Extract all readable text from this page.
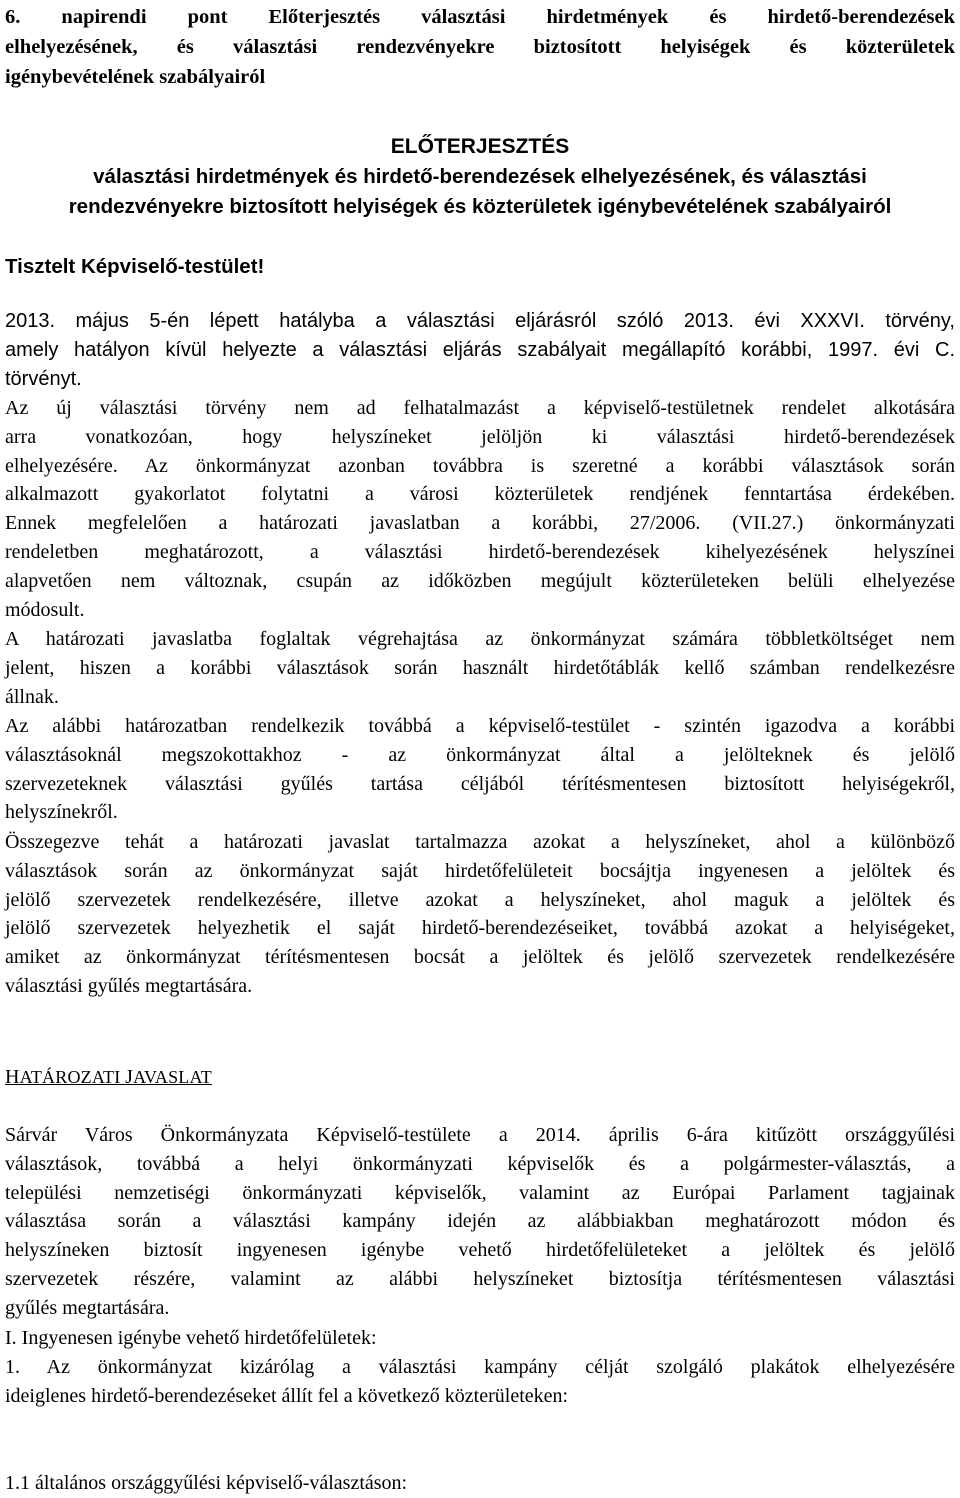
6. napirendi pont Előterjesztés választási hirdetmények és hirdető-berendezések
elhelyezésének, és választási rendezvényekre biztosított helyiségek és közterületek
igénybevételének szabályairól
ELŐTERJESZTÉS
választási hirdetmények és hirdető-berendezések elhelyezésének, és választási
rendezvényekre biztosított helyiségek és közterületek igénybevételének szabályairól
Tisztelt Képviselő-testület!
2013. május 5-én lépett hatályba a választási eljárásról szóló 2013. évi XXXVI. törvény,
amely hatályon kívül helyezte a választási eljárás szabályait megállapító korábbi, 1997. évi C.
törvényt.
Az új választási törvény nem ad felhatalmazást a képviselő-testületnek rendelet alkotására
arra vonatkozóan, hogy helyszíneket jelöljön ki választási hirdető-berendezések
elhelyezésére. Az önkormányzat azonban továbbra is szeretné a korábbi választások során
alkalmazott gyakorlatot folytatni a városi közterületek rendjének fenntartása érdekében.
Ennek megfelelően a határozati javaslatban a korábbi, 27/2006. (VII.27.) önkormányzati
rendeletben meghatározott, a választási hirdető-berendezések kihelyezésének helyszínei
alapvetően nem változnak, csupán az időközben megújult közterületeken belüli elhelyezése
módosult.
A határozati javaslatba foglaltak végrehajtása az önkormányzat számára többletköltséget nem
jelent, hiszen a korábbi választások során használt hirdetőtáblák kellő számban rendelkezésre
állnak.
Az alábbi határozatban rendelkezik továbbá a képviselő-testület - szintén igazodva a korábbi
választásoknál megszokottakhoz - az önkormányzat által a jelölteknek és jelölő
szervezeteknek választási gyűlés tartása céljából térítésmentesen biztosított helyiségekről,
helyszínekről.
Összegezve tehát a határozati javaslat tartalmazza azokat a helyszíneket, ahol a különböző
választások során az önkormányzat saját hirdetőfelületeit bocsájtja ingyenesen a jelöltek és
jelölő szervezetek rendelkezésére, illetve azokat a helyszíneket, ahol maguk a jelöltek és
jelölő szervezetek helyezhetik el saját hirdető-berendezéseiket, továbbá azokat a helyiségeket,
amiket az önkormányzat térítésmentesen bocsát a jelöltek és jelölő szervezetek rendelkezésére
választási gyűlés megtartására.
HATÁROZATI JAVASLAT
Sárvár Város Önkormányzata Képviselő-testülete a 2014. április 6-ára kitűzött országgyűlési
választások, továbbá a helyi önkormányzati képviselők és a polgármester-választás, a
települési nemzetiségi önkormányzati képviselők, valamint az Európai Parlament tagjainak
választása során a választási kampány idején az alábbiakban meghatározott módon és
helyszíneken biztosít ingyenesen igénybe vehető hirdetőfelületeket a jelöltek és jelölő
szervezetek részére, valamint az alábbi helyszíneket biztosítja térítésmentesen választási
gyűlés megtartására.
I. Ingyenesen igénybe vehető hirdetőfelületek:
1. Az önkormányzat kizárólag a választási kampány célját szolgáló plakátok elhelyezésére
ideiglenes hirdető-berendezéseket állít fel a következő közterületeken:
1.1 általános országgyűlési képviselő-választáson:
